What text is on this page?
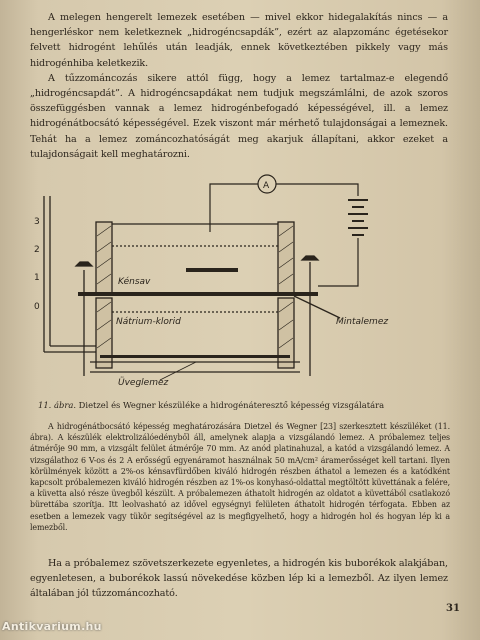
A melegen hengerelt lemezek esetében — mivel ekkor hidegalakítás nincs — a hengerléskor nem keletkeznek „hidrogéncsapdák”, ezért az alapzománc égetésekor felvett hidrogént lehűlés után leadják, ennek következtében pikkely vagy más hidrogénhiba keletkezik.

A tűzzománcozás sikere attól függ, hogy a lemez tartalmaz-e elegendő „hidrogéncsapdát”. A hidrogéncsapdákat nem tudjuk megszámlálni, de azok szoros összefüggésben vannak a lemez hidrogénbefogadó képességével, ill. a lemez hidrogénátbocsátó képességével. Ezek viszont már mérhető tulajdonságai a lemeznek. Tehát ha a lemez zománcozhatóságát meg akarjuk állapítani, akkor ezeket a tulajdonságait kell meghatározni.

3
2
1
0
A
Kénsav
Nátrium-klorid	Mintalemez
Üveglemez
11. ábra. Dietzel és Wegner készüléke a hidrogénáteresztő képesség vizsgálatára

A hidrogénátbocsátó képesség meghatározására Dietzel és Wegner [23] szerkesztett készüléket (11. ábra). A készülék elektrolizálóedényből áll, amelynek alapja a vizsgálandó lemez. A próbalemez teljes átmérője 90 mm, a vizsgált felület átmérője 70 mm. Az anód platinahuzal, a katód a vizsgálandó lemez. A vizsgálathoz 6 V-os és 2 A erősségű egyenáramot használnak 50 mA/cm² áramerősséget kell tartani. Ilyen körülmények között a 2%-os kénsavfürdőben kiváló hidrogén részben áthatol a lemezen és a katódként kapcsolt próbalemezen kiváló hidrogén részben az 1%-os konyhasó-oldattal megtöltött küvettának a felére, a küvetta alsó része üvegből készült. A próbalemezen áthatolt hidrogén az oldatot a küvettából csatlakozó bürettába szorítja. Itt leolvasható az idővel egységnyi felületen áthatolt hidrogén térfogata. Ebben az esetben a lemezek vagy tükör segítségével az is megfigyelhető, hogy a hidrogén hol és hogyan lép ki a lemezből.

Ha a próbalemez szövetszerkezete egyenletes, a hidrogén kis buborékok alakjában, egyenletesen, a buborékok lassú növekedése közben lép ki a lemezből. Az ilyen lemez általában jól tűzzománcozható.

31
Antikvarium.hu
